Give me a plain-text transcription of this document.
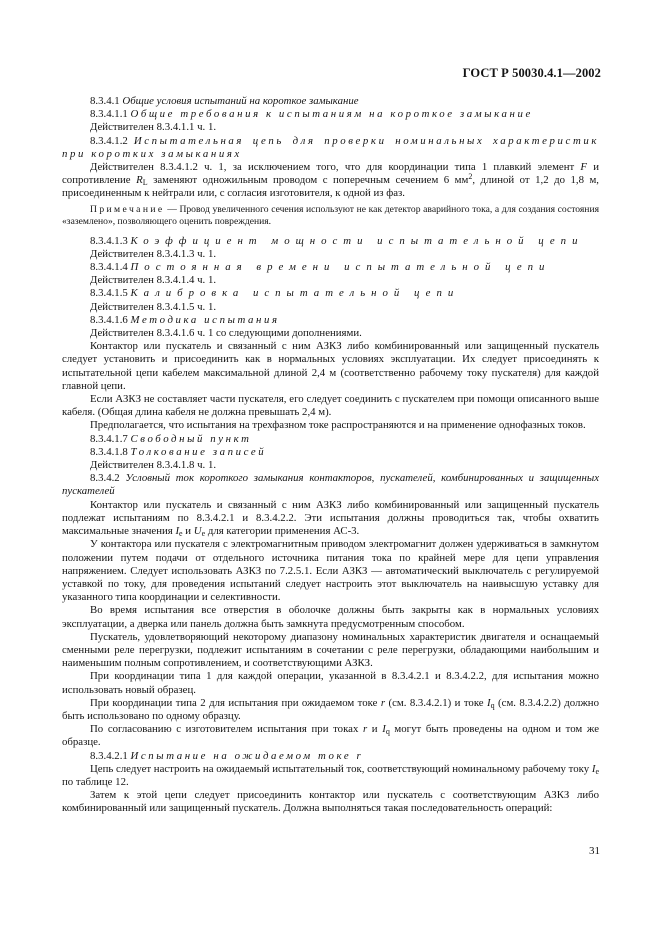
ГОСТ Р 50030.4.1—2002

8.3.4.1 Общие условия испытаний на короткое замыкание

8.3.4.1.1 Общие требования к испытаниям на короткое замыкание

Действителен 8.3.4.1.1 ч. 1.

8.3.4.1.2 Испытательная цепь для проверки номинальных характеристик при коротких замыканиях

Действителен 8.3.4.1.2 ч. 1, за исключением того, что для координации типа 1 плавкий элемент F и сопротивление $R_L$ заменяют одножильным проводом с поперечным сечением 6 $мм^2$, длиной от 1,2 до 1,8 м, присоединенным к нейтрали или, с согласия изготовителя, к одной из фаз.

Примечание — Провод увеличенного сечения используют не как детектор аварийного тока, а для создания состояния «заземлено», позволяющего оценить повреждения.

8.3.4.1.3 Коэффициент мощности испытательной цепи

Действителен 8.3.4.1.3 ч. 1.

8.3.4.1.4 Постоянная времени испытательной цепи

Действителен 8.3.4.1.4 ч. 1.

8.3.4.1.5 Калибровка испытательной цепи

Действителен 8.3.4.1.5 ч. 1.

8.3.4.1.6 Методика испытания

Действителен 8.3.4.1.6 ч. 1 со следующими дополнениями.

Контактор или пускатель и связанный с ним АЗКЗ либо комбинированный или защищенный пускатель следует установить и присоединить как в нормальных условиях эксплуатации. Их следует присоединять к испытательной цепи кабелем максимальной длиной 2,4 м (соответственно рабочему току пускателя) для каждой главной цепи.

Если АЗКЗ не составляет части пускателя, его следует соединить с пускателем при помощи описанного выше кабеля. (Общая длина кабеля не должна превышать 2,4 м).

Предполагается, что испытания на трехфазном токе распространяются и на применение однофазных токов.

8.3.4.1.7 Свободный пункт

8.3.4.1.8 Толкование записей

Действителен 8.3.4.1.8 ч. 1.

8.3.4.2 Условный ток короткого замыкания контакторов, пускателей, комбинированных и защищенных пускателей

Контактор или пускатель и связанный с ним АЗКЗ либо комбинированный или защищенный пускатель подлежат испытаниям по 8.3.4.2.1 и 8.3.4.2.2. Эти испытания должны проводиться так, чтобы охватить максимальные значения $I_e$ и $U_e$ для категории применения АС-3.

У контактора или пускателя с электромагнитным приводом электромагнит должен удерживаться в замкнутом положении путем подачи от отдельного источника питания тока по крайней мере для цепи управления напряжением. Следует использовать АЗКЗ по 7.2.5.1. Если АЗКЗ — автоматический выключатель с регулируемой уставкой по току, для проведения испытаний следует настроить этот выключатель на наивысшую уставку для указанного типа координации и селективности.

Во время испытания все отверстия в оболочке должны быть закрыты как в нормальных условиях эксплуатации, а дверка или панель должна быть замкнута предусмотренным способом.

Пускатель, удовлетворяющий некоторому диапазону номинальных характеристик двигателя и оснащаемый сменными реле перегрузки, подлежит испытаниям в сочетании с реле перегрузки, обладающими наибольшим и наименьшим полным сопротивлением, и соответствующими АЗКЗ.

При координации типа 1 для каждой операции, указанной в 8.3.4.2.1 и 8.3.4.2.2, для испытания можно использовать новый образец.

При координации типа 2 для испытания при ожидаемом токе r (см. 8.3.4.2.1) и токе $I_q$ (см. 8.3.4.2.2) должно быть использовано по одному образцу.

По согласованию с изготовителем испытания при токах r и $I_q$ могут быть проведены на одном и том же образце.

8.3.4.2.1 Испытание на ожидаемом токе r

Цепь следует настроить на ожидаемый испытательный ток, соответствующий номинальному рабочему току $I_e$ по таблице 12.

Затем к этой цепи следует присоединить контактор или пускатель с соответствующим АЗКЗ либо комбинированный или защищенный пускатель. Должна выполняться такая последовательность операций:

31
